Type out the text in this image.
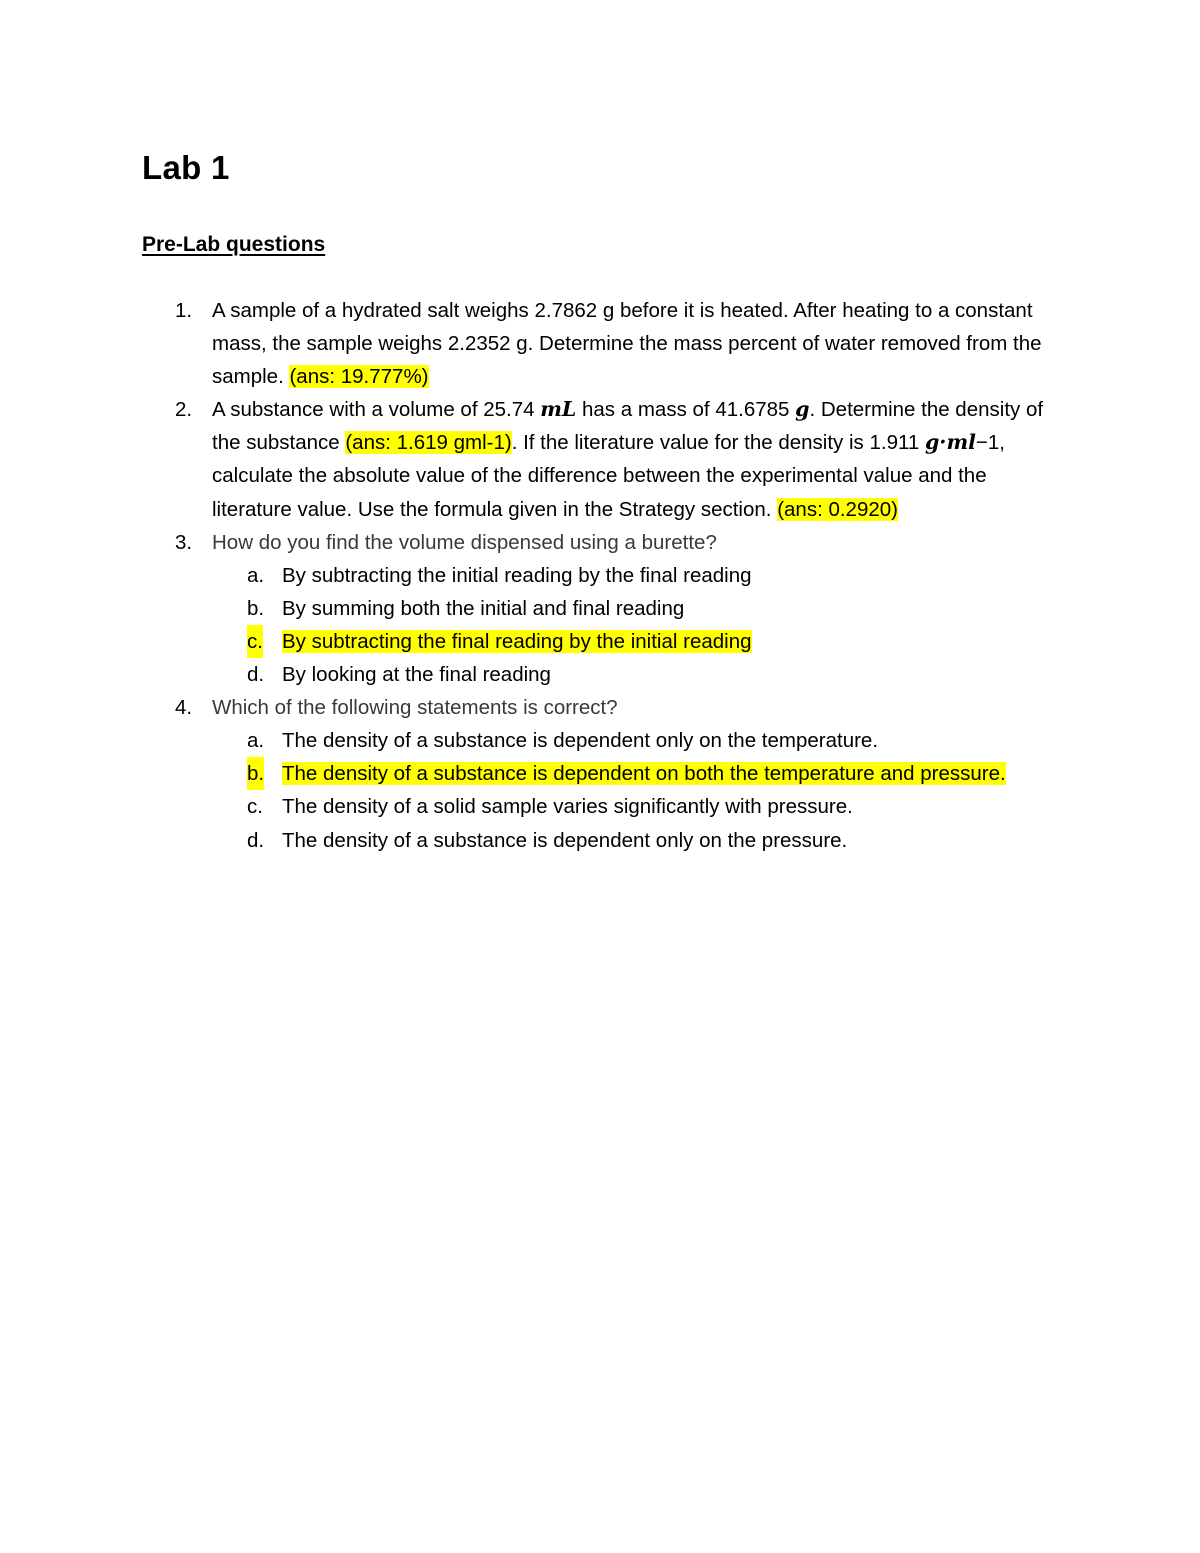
Lab 1
Pre-Lab questions
1. A sample of a hydrated salt weighs 2.7862 g before it is heated. After heating to a constant mass, the sample weighs 2.2352 g. Determine the mass percent of water removed from the sample. (ans: 19.777%)
2. A substance with a volume of 25.74 mL has a mass of 41.6785 g. Determine the density of the substance (ans: 1.619 gml-1). If the literature value for the density is 1.911 g·ml−1, calculate the absolute value of the difference between the experimental value and the literature value. Use the formula given in the Strategy section. (ans: 0.2920)
3. How do you find the volume dispensed using a burette?
a. By subtracting the initial reading by the final reading
b. By summing both the initial and final reading
c. By subtracting the final reading by the initial reading
d. By looking at the final reading
4. Which of the following statements is correct?
a. The density of a substance is dependent only on the temperature.
b. The density of a substance is dependent on both the temperature and pressure.
c. The density of a solid sample varies significantly with pressure.
d. The density of a substance is dependent only on the pressure.
